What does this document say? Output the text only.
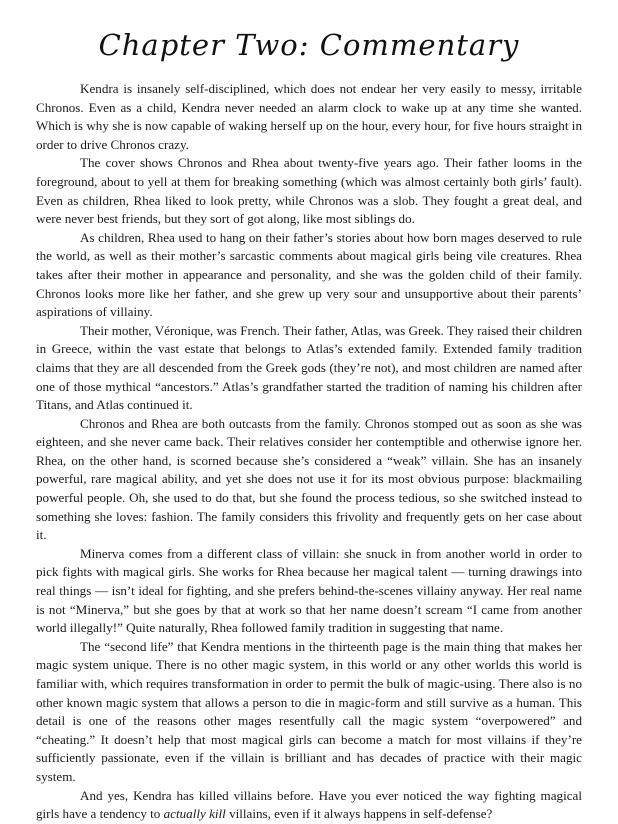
Chapter Two: Commentary

Kendra is insanely self-disciplined, which does not endear her very easily to messy, irritable Chronos. Even as a child, Kendra never needed an alarm clock to wake up at any time she wanted. Which is why she is now capable of waking herself up on the hour, every hour, for five hours straight in order to drive Chronos crazy.

The cover shows Chronos and Rhea about twenty-five years ago. Their father looms in the foreground, about to yell at them for breaking something (which was almost certainly both girls’ fault). Even as children, Rhea liked to look pretty, while Chronos was a slob. They fought a great deal, and were never best friends, but they sort of got along, like most siblings do.

As children, Rhea used to hang on their father’s stories about how born mages deserved to rule the world, as well as their mother’s sarcastic comments about magical girls being vile creatures. Rhea takes after their mother in appearance and personality, and she was the golden child of their family. Chronos looks more like her father, and she grew up very sour and unsupportive about their parents’ aspirations of villainy.

Their mother, Véronique, was French. Their father, Atlas, was Greek. They raised their children in Greece, within the vast estate that belongs to Atlas’s extended family. Extended family tradition claims that they are all descended from the Greek gods (they’re not), and most children are named after one of those mythical “ancestors.” Atlas’s grandfather started the tradition of naming his children after Titans, and Atlas continued it.

Chronos and Rhea are both outcasts from the family. Chronos stomped out as soon as she was eighteen, and she never came back. Their relatives consider her contemptible and otherwise ignore her. Rhea, on the other hand, is scorned because she’s considered a “weak” villain. She has an insanely powerful, rare magical ability, and yet she does not use it for its most obvious purpose: blackmailing powerful people. Oh, she used to do that, but she found the process tedious, so she switched instead to something she loves: fashion. The family considers this frivolity and frequently gets on her case about it.

Minerva comes from a different class of villain: she snuck in from another world in order to pick fights with magical girls. She works for Rhea because her magical talent — turning drawings into real things — isn’t ideal for fighting, and she prefers behind-the-scenes villainy anyway. Her real name is not “Minerva,” but she goes by that at work so that her name doesn’t scream “I came from another world illegally!” Quite naturally, Rhea followed family tradition in suggesting that name.

The “second life” that Kendra mentions in the thirteenth page is the main thing that makes her magic system unique. There is no other magic system, in this world or any other worlds this world is familiar with, which requires transformation in order to permit the bulk of magic-using. There also is no other known magic system that allows a person to die in magic-form and still survive as a human. This detail is one of the reasons other mages resentfully call the magic system “overpowered” and “cheating.” It doesn’t help that most magical girls can become a match for most villains if they’re sufficiently passionate, even if the villain is brilliant and has decades of practice with their magic system.

And yes, Kendra has killed villains before. Have you ever noticed the way fighting magical girls have a tendency to actually kill villains, even if it always happens in self-defense?
